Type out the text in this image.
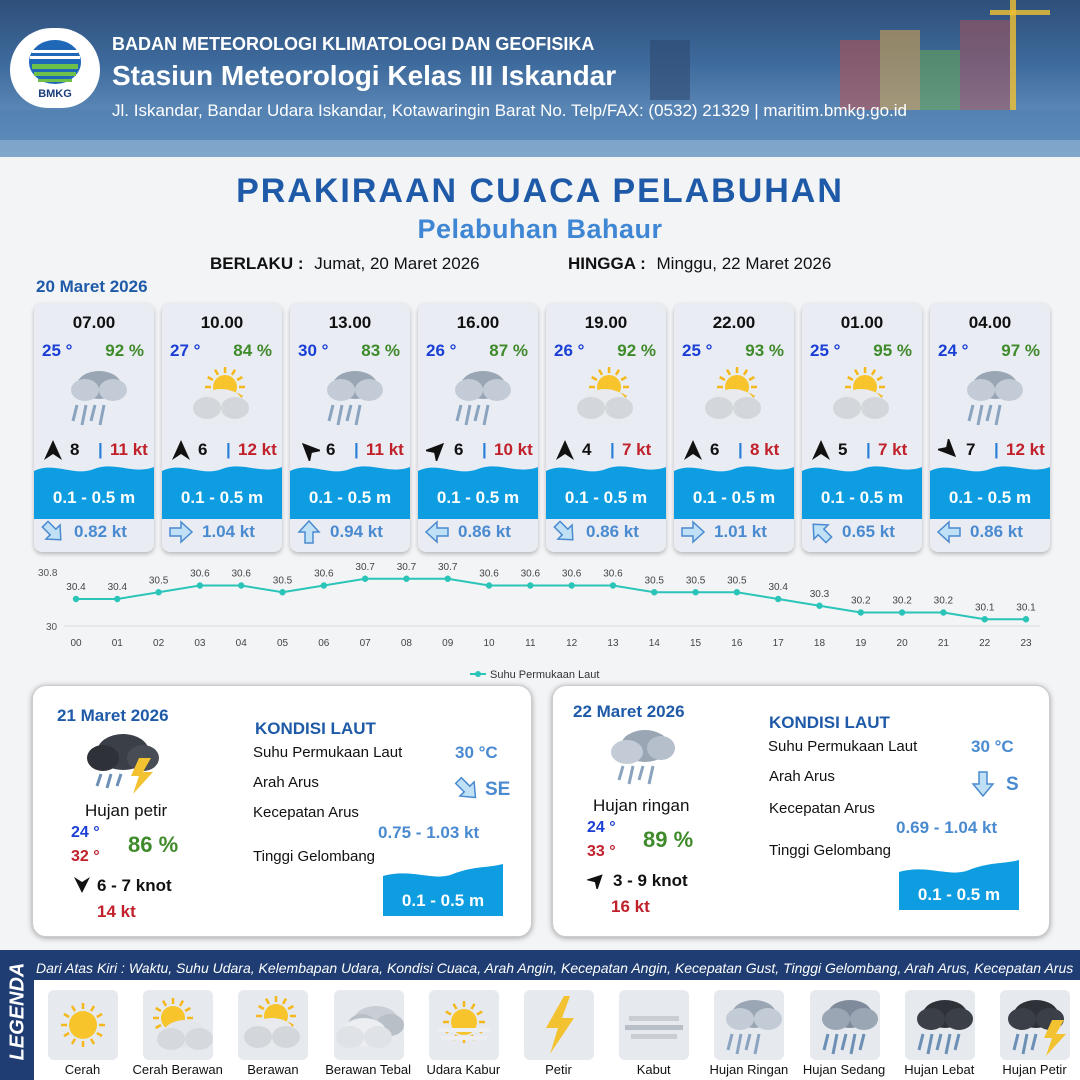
BMKG
BADAN METEOROLOGI KLIMATOLOGI DAN GEOFISIKA
Stasiun Meteorologi Kelas III Iskandar
Jl. Iskandar, Bandar Udara Iskandar, Kotawaringin Barat No. Telp/FAX: (0532) 21329 | maritim.bmkg.go.id
PRAKIRAAN CUACA PELABUHAN
Pelabuhan Bahaur
BERLAKU : Jumat, 20 Maret 2026	HINGGA : Minggu, 22 Maret 2026
20 Maret 2026
07.00
25 ° 92 %
8 | 11 kt
0.1 - 0.5 m
0.82 kt
10.00
27 ° 84 %
6 | 12 kt
0.1 - 0.5 m
1.04 kt
13.00
30 ° 83 %
6 | 11 kt
0.1 - 0.5 m
0.94 kt
16.00
26 ° 87 %
6 | 10 kt
0.1 - 0.5 m
0.86 kt
19.00
26 ° 92 %
4 | 7 kt
0.1 - 0.5 m
0.86 kt
22.00
25 ° 93 %
6 | 8 kt
0.1 - 0.5 m
1.01 kt
01.00
25 ° 95 %
5 | 7 kt
0.1 - 0.5 m
0.65 kt
04.00
24 ° 97 %
7 | 12 kt
0.1 - 0.5 m
0.86 kt
30.8
30
30.4
00
30.4
01
30.5
02
30.6
03
30.6
04
30.5
05
30.6
06
30.7
07
30.7
08
30.7
09
30.6
10
30.6
11
30.6
12
30.6
13
30.5
14
30.5
15
30.5
16
30.4
17
30.3
18
30.2
19
30.2
20
30.2
21
30.1
22
30.1
23
Suhu Permukaan Laut
21 Maret 2026
Hujan petir
24 °
32 ° 86 %
6 - 7 knot
14 kt
KONDISI LAUT
Suhu Permukaan Laut	30 °C
Arah Arus	SE
Kecepatan Arus
0.75 - 1.03 kt
Tinggi Gelombang
0.1 - 0.5 m
22 Maret 2026
Hujan ringan
24 °
33 ° 89 %
3 - 9 knot
16 kt
KONDISI LAUT
Suhu Permukaan Laut	30 °C
Arah Arus	S
Kecepatan Arus
0.69 - 1.04 kt
Tinggi Gelombang
0.1 - 0.5 m
LEGENDA Dari Atas Kiri : Waktu, Suhu Udara, Kelembapan Udara, Kondisi Cuaca, Arah Angin, Kecepatan Angin, Kecepatan Gust, Tinggi Gelombang, Arah Arus, Kecepatan Arus
Cerah	Cerah Berawan	Berawan	Berawan Tebal	Udara Kabur	Petir	Kabut	Hujan Ringan	Hujan Sedang	Hujan Lebat	Hujan Petir
